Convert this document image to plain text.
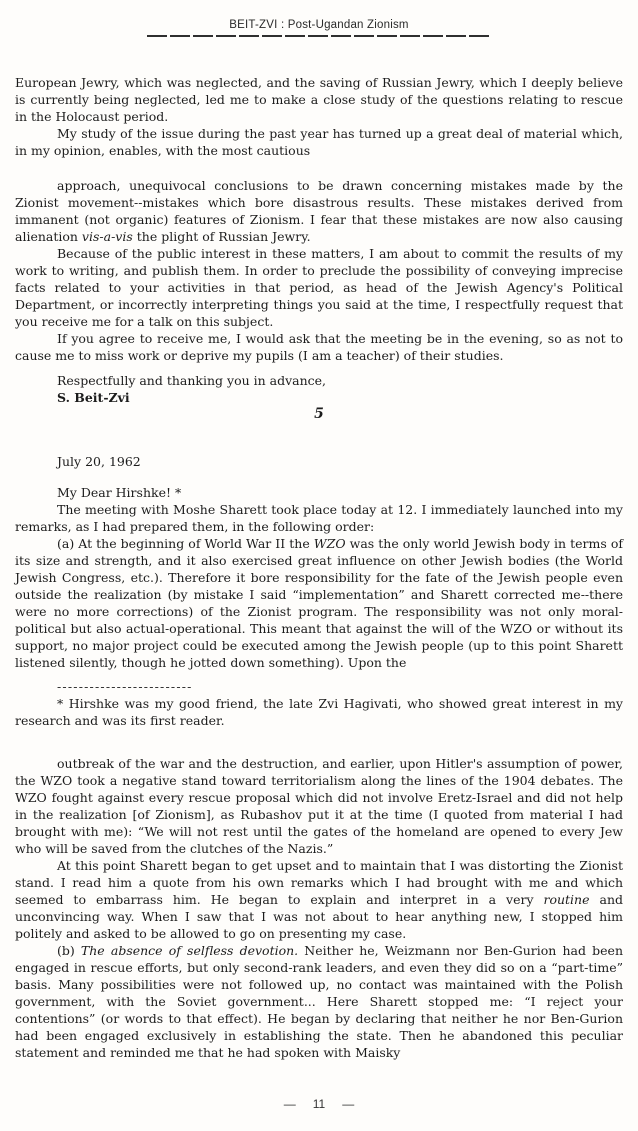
BEIT-ZVI : Post-Ugandan Zionism

European Jewry, which was neglected, and the saving of Russian Jewry, which I deeply believe is currently being neglected, led me to make a close study of the questions relating to rescue in the Holocaust period.

My study of the issue during the past year has turned up a great deal of material which, in my opinion, enables, with the most cautious

approach, unequivocal conclusions to be drawn concerning mistakes made by the Zionist movement--mistakes which bore disastrous results. These mistakes derived from immanent (not organic) features of Zionism. I fear that these mistakes are now also causing alienation vis-a-vis the plight of Russian Jewry.

Because of the public interest in these matters, I am about to commit the results of my work to writing, and publish them. In order to preclude the possibility of conveying imprecise facts related to your activities in that period, as head of the Jewish Agency's Political Department, or incorrectly interpreting things you said at the time, I respectfully request that you receive me for a talk on this subject.

If you agree to receive me, I would ask that the meeting be in the evening, so as not to cause me to miss work or deprive my pupils (I am a teacher) of their studies.

Respectfully and thanking you in advance,

S. Beit-Zvi

5

July 20, 1962

My Dear Hirshke! *

The meeting with Moshe Sharett took place today at 12. I immediately launched into my remarks, as I had prepared them, in the following order:

(a) At the beginning of World War II the WZO was the only world Jewish body in terms of its size and strength, and it also exercised great influence on other Jewish bodies (the World Jewish Congress, etc.). Therefore it bore responsibility for the fate of the Jewish people even outside the realization (by mistake I said “implementation” and Sharett corrected me--there were no more corrections) of the Zionist program. The responsibility was not only moral-political but also actual-operational. This meant that against the will of the WZO or without its support, no major project could be executed among the Jewish people (up to this point Sharett listened silently, though he jotted down something). Upon the

-------------------------

* Hirshke was my good friend, the late Zvi Hagivati, who showed great interest in my research and was its first reader.

outbreak of the war and the destruction, and earlier, upon Hitler's assumption of power, the WZO took a negative stand toward territorialism along the lines of the 1904 debates. The WZO fought against every rescue proposal which did not involve Eretz-Israel and did not help in the realization [of Zionism], as Rubashov put it at the time (I quoted from material I had brought with me): “We will not rest until the gates of the homeland are opened to every Jew who will be saved from the clutches of the Nazis.”

At this point Sharett began to get upset and to maintain that I was distorting the Zionist stand. I read him a quote from his own remarks which I had brought with me and which seemed to embarrass him. He began to explain and interpret in a very routine and unconvincing way. When I saw that I was not about to hear anything new, I stopped him politely and asked to be allowed to go on presenting my case.

(b) The absence of selfless devotion. Neither he, Weizmann nor Ben-Gurion had been engaged in rescue efforts, but only second-rank leaders, and even they did so on a “part-time” basis. Many possibilities were not followed up, no contact was maintained with the Polish government, with the Soviet government... Here Sharett stopped me: “I reject your contentions” (or words to that effect). He began by declaring that neither he nor Ben-Gurion had been engaged exclusively in establishing the state. Then he abandoned this peculiar statement and reminded me that he had spoken with Maisky

— 11 —
